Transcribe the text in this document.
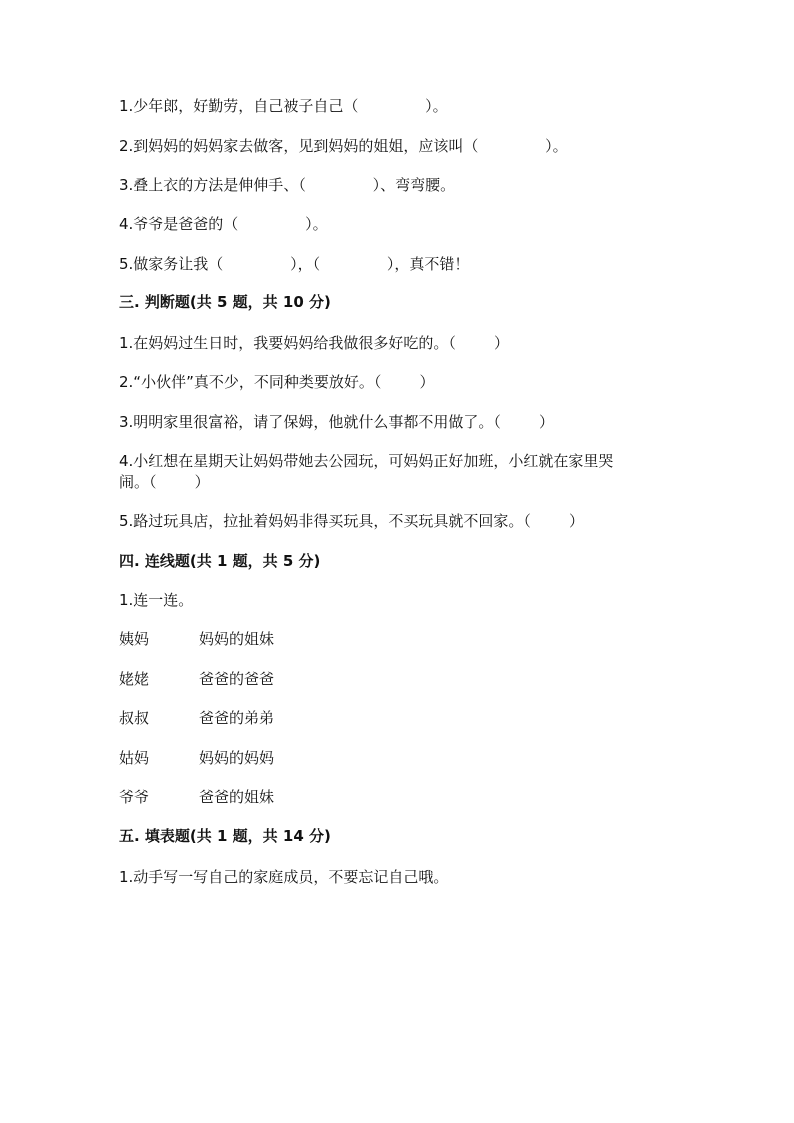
1.少年郎，好勤劳，自己被子自己（              ）。
2.到妈妈的妈妈家去做客，见到妈妈的姐姐，应该叫（              ）。
3.叠上衣的方法是伸伸手、（              ）、弯弯腰。
4.爷爷是爸爸的（              ）。
5.做家务让我（              ），（              ），真不错！
三. 判断题(共 5 题，共 10 分)
1.在妈妈过生日时，我要妈妈给我做很多好吃的。（        ）
2.“小伙伴”真不少，不同种类要放好。（        ）
3.明明家里很富裕，请了保姆，他就什么事都不用做了。（        ）
4.小红想在星期天让妈妈带她去公园玩，可妈妈正好加班，小红就在家里哭
闹。（        ）
5.路过玩具店，拉扯着妈妈非得买玩具，不买玩具就不回家。（        ）
四. 连线题(共 1 题，共 5 分)
1.连一连。
姨妈	妈妈的姐妹
姥姥	爸爸的爸爸
叔叔	爸爸的弟弟
姑妈	妈妈的妈妈
爷爷	爸爸的姐妹
五. 填表题(共 1 题，共 14 分)
1.动手写一写自己的家庭成员，不要忘记自己哦。
